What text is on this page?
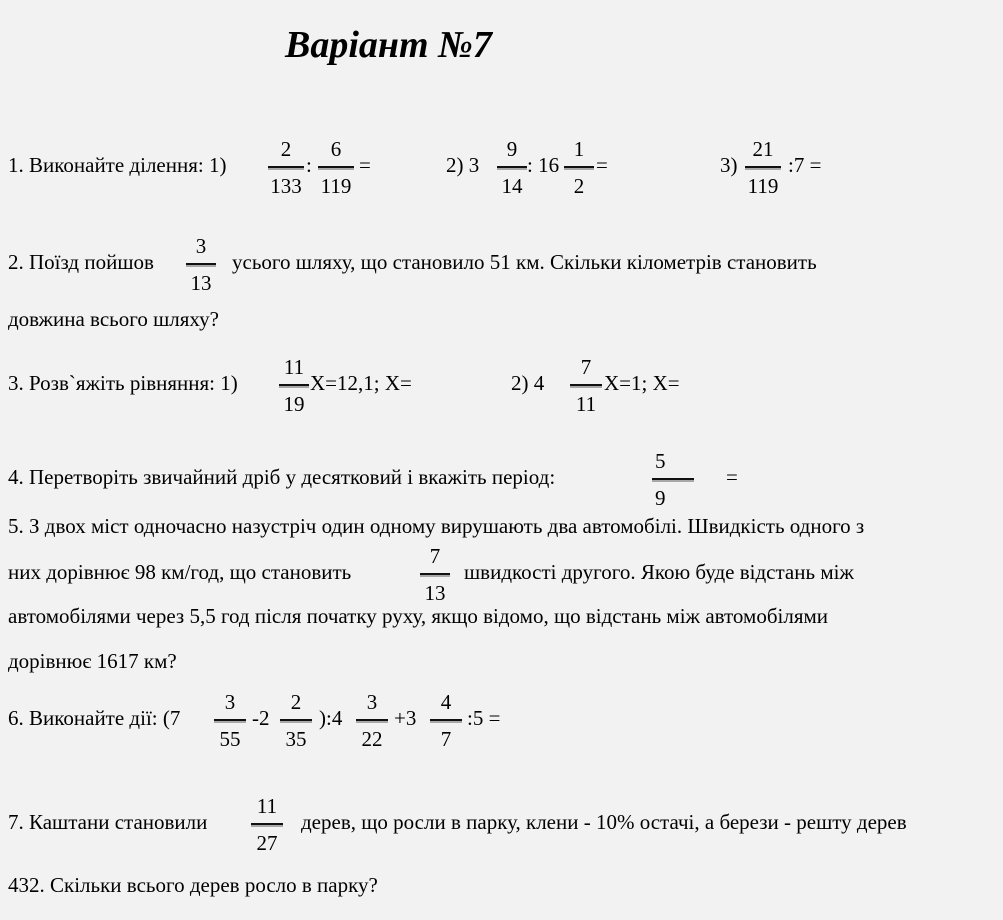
Варіант №7
1. Виконайте ділення: 1)
2
133
:
6
119
=	2) 3
9
14
: 16
1
2
=	3)
21
119
:7 =
2. Поїзд пойшов
3
13
усього шляху, що становило 51 км. Скільки кілометрів становить
довжина всього шляху?
3. Розв`яжіть рівняння: 1)
11
19
Х=12,1; Х=	2) 4
7
11
Х=1; Х=
4. Перетворіть звичайний дріб у десятковий і вкажіть період:
5
9
=
5. З двох міст одночасно назустріч один одному вирушають два автомобілі. Швидкість одного з
них дорівнює 98 км/год, що становить
7
13
швидкості другого. Якою буде відстань між
автомобілями через 5,5 год після початку руху, якщо відомо, що відстань між автомобілями
дорівнює 1617 км?
6. Виконайте дії: (7
3
55
-2
2
35
):4
3
22
+3
4
7
:5 =
7. Каштани становили
11
27
дерев, що росли в парку, клени - 10% остачі, а берези - решту дерев
432. Скільки всього дерев росло в парку?
